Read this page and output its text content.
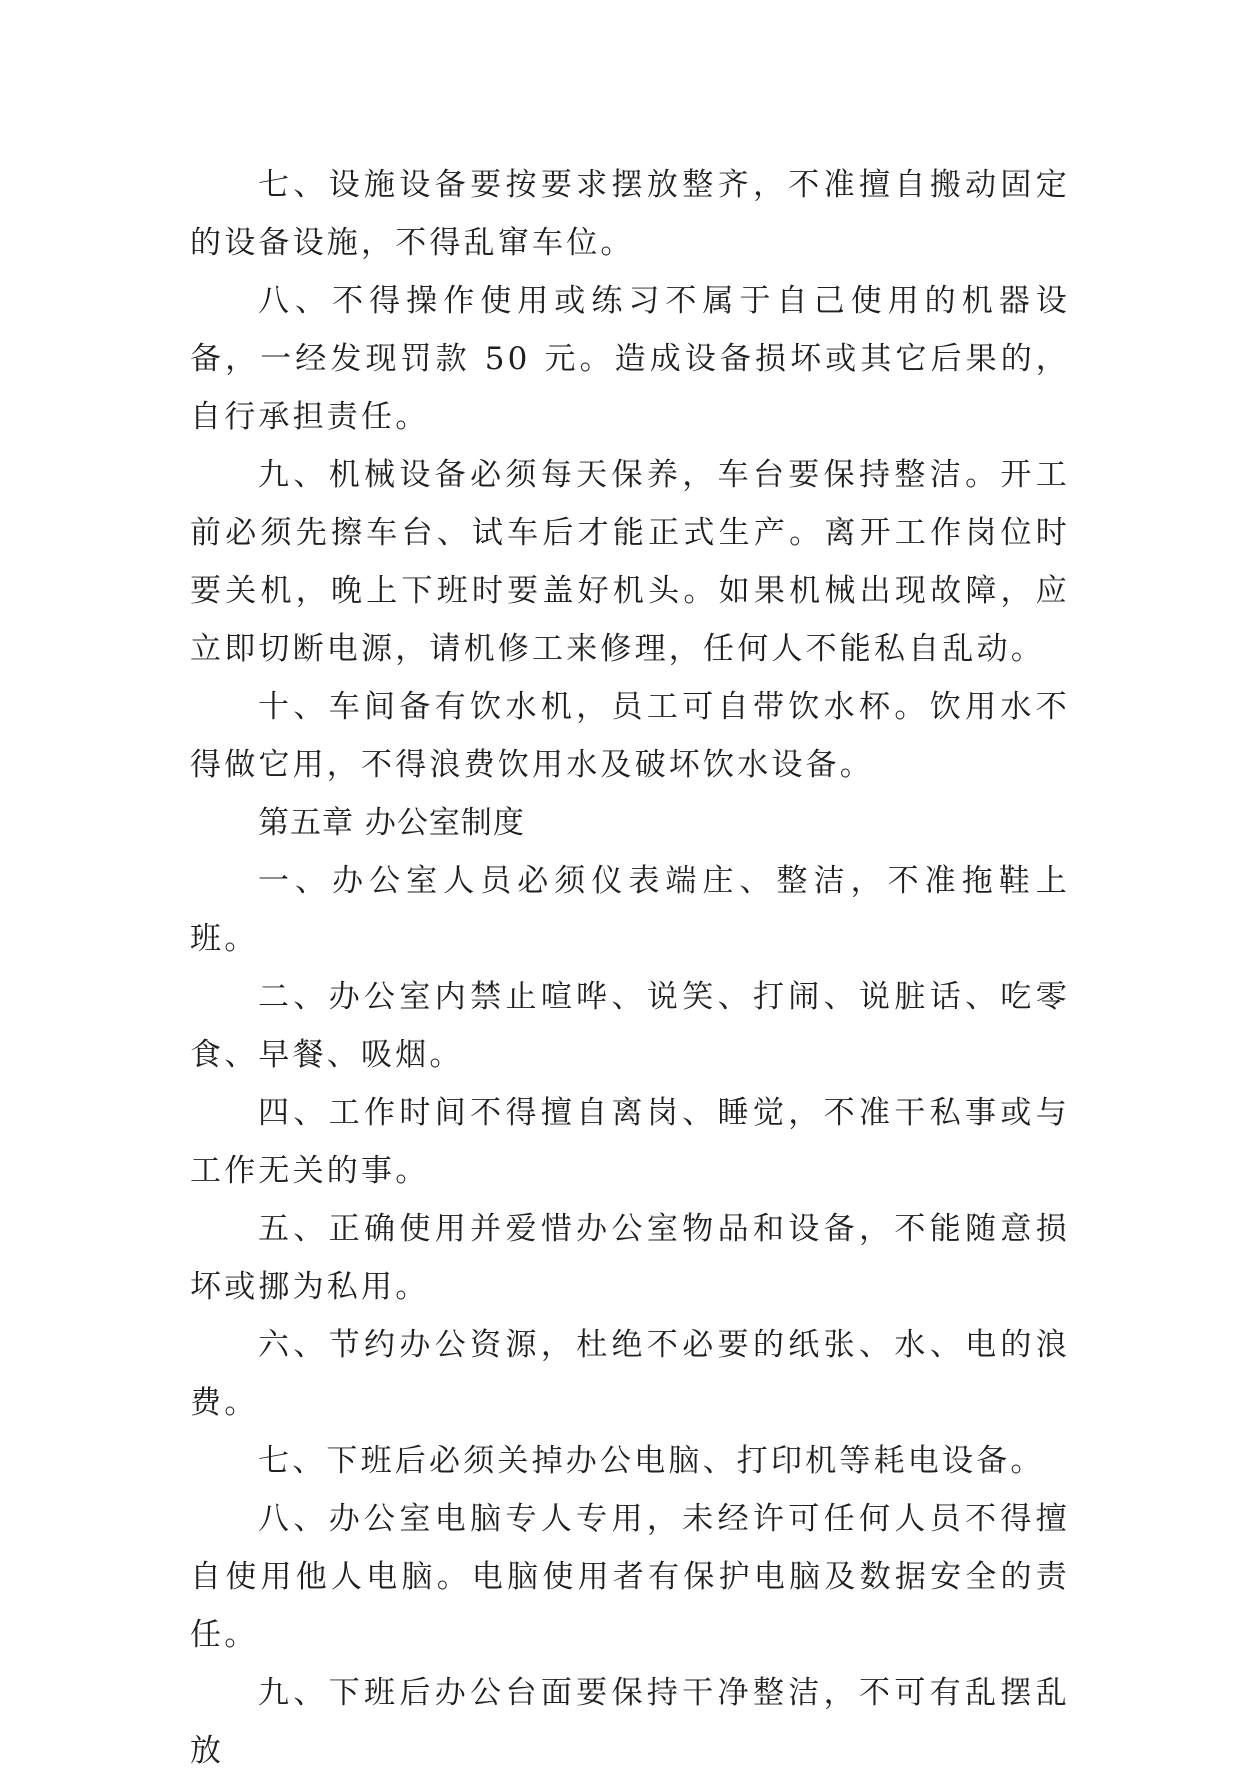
七、设施设备要按要求摆放整齐，不准擅自搬动固定的设备设施，不得乱窜车位。

八、不得操作使用或练习不属于自己使用的机器设备，一经发现罚款 50 元。造成设备损坏或其它后果的，自行承担责任。

九、机械设备必须每天保养，车台要保持整洁。开工前必须先擦车台、试车后才能正式生产。离开工作岗位时要关机，晚上下班时要盖好机头。如果机械出现故障，应立即切断电源，请机修工来修理，任何人不能私自乱动。

十、车间备有饮水机，员工可自带饮水杯。饮用水不得做它用，不得浪费饮用水及破坏饮水设备。

第五章 办公室制度

一、办公室人员必须仪表端庄、整洁，不准拖鞋上班。

二、办公室内禁止喧哗、说笑、打闹、说脏话、吃零食、早餐、吸烟。

四、工作时间不得擅自离岗、睡觉，不准干私事或与工作无关的事。

五、正确使用并爱惜办公室物品和设备，不能随意损坏或挪为私用。

六、节约办公资源，杜绝不必要的纸张、水、电的浪费。

七、下班后必须关掉办公电脑、打印机等耗电设备。

八、办公室电脑专人专用，未经许可任何人员不得擅自使用他人电脑。电脑使用者有保护电脑及数据安全的责任。

九、下班后办公台面要保持干净整洁，不可有乱摆乱放
